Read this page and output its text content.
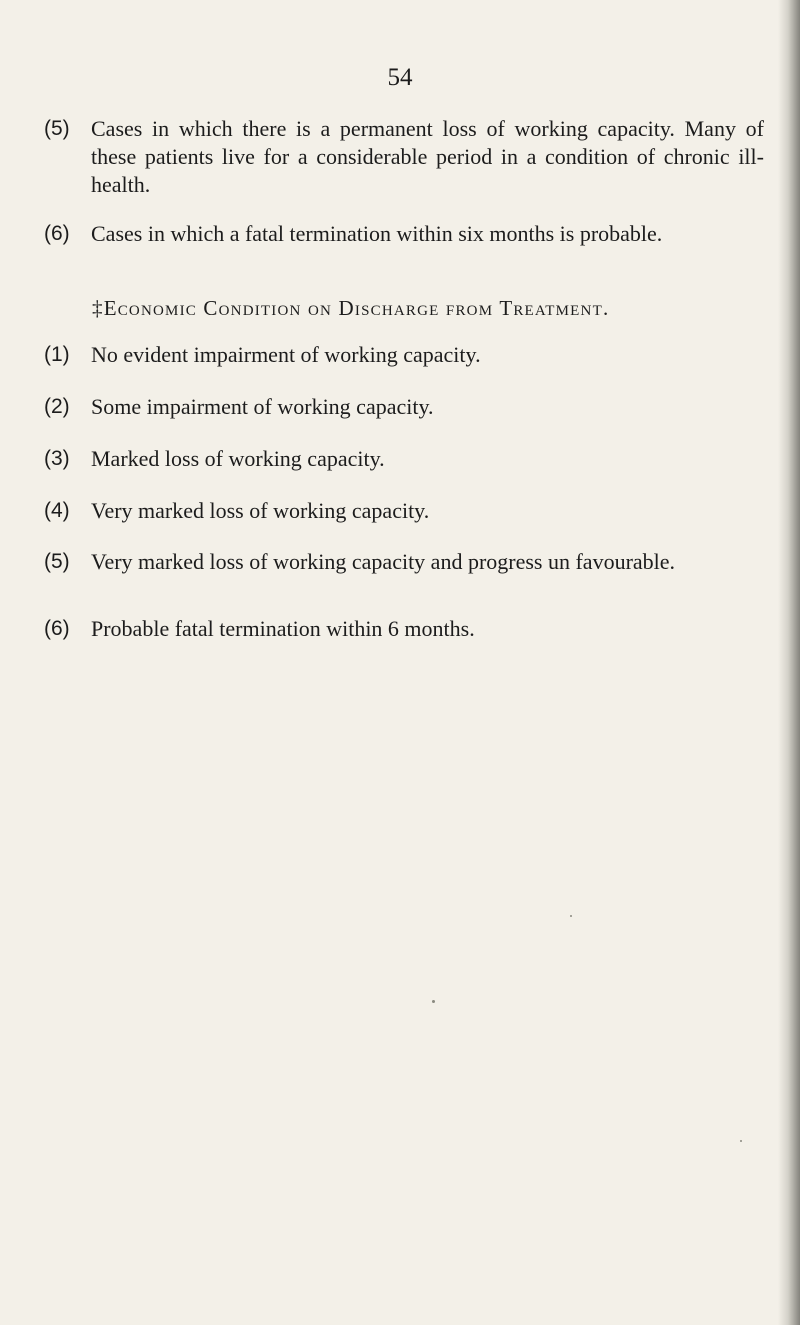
54
(5) Cases in which there is a permanent loss of working capacity. Many of these patients live for a considerable period in a condition of chronic ill-health.
(6) Cases in which a fatal termination within six months is probable.
‡Economic Condition on Discharge from Treatment.
(1) No evident impairment of working capacity.
(2) Some impairment of working capacity.
(3) Marked loss of working capacity.
(4) Very marked loss of working capacity.
(5) Very marked loss of working capacity and progress un favourable.
(6) Probable fatal termination within 6 months.
